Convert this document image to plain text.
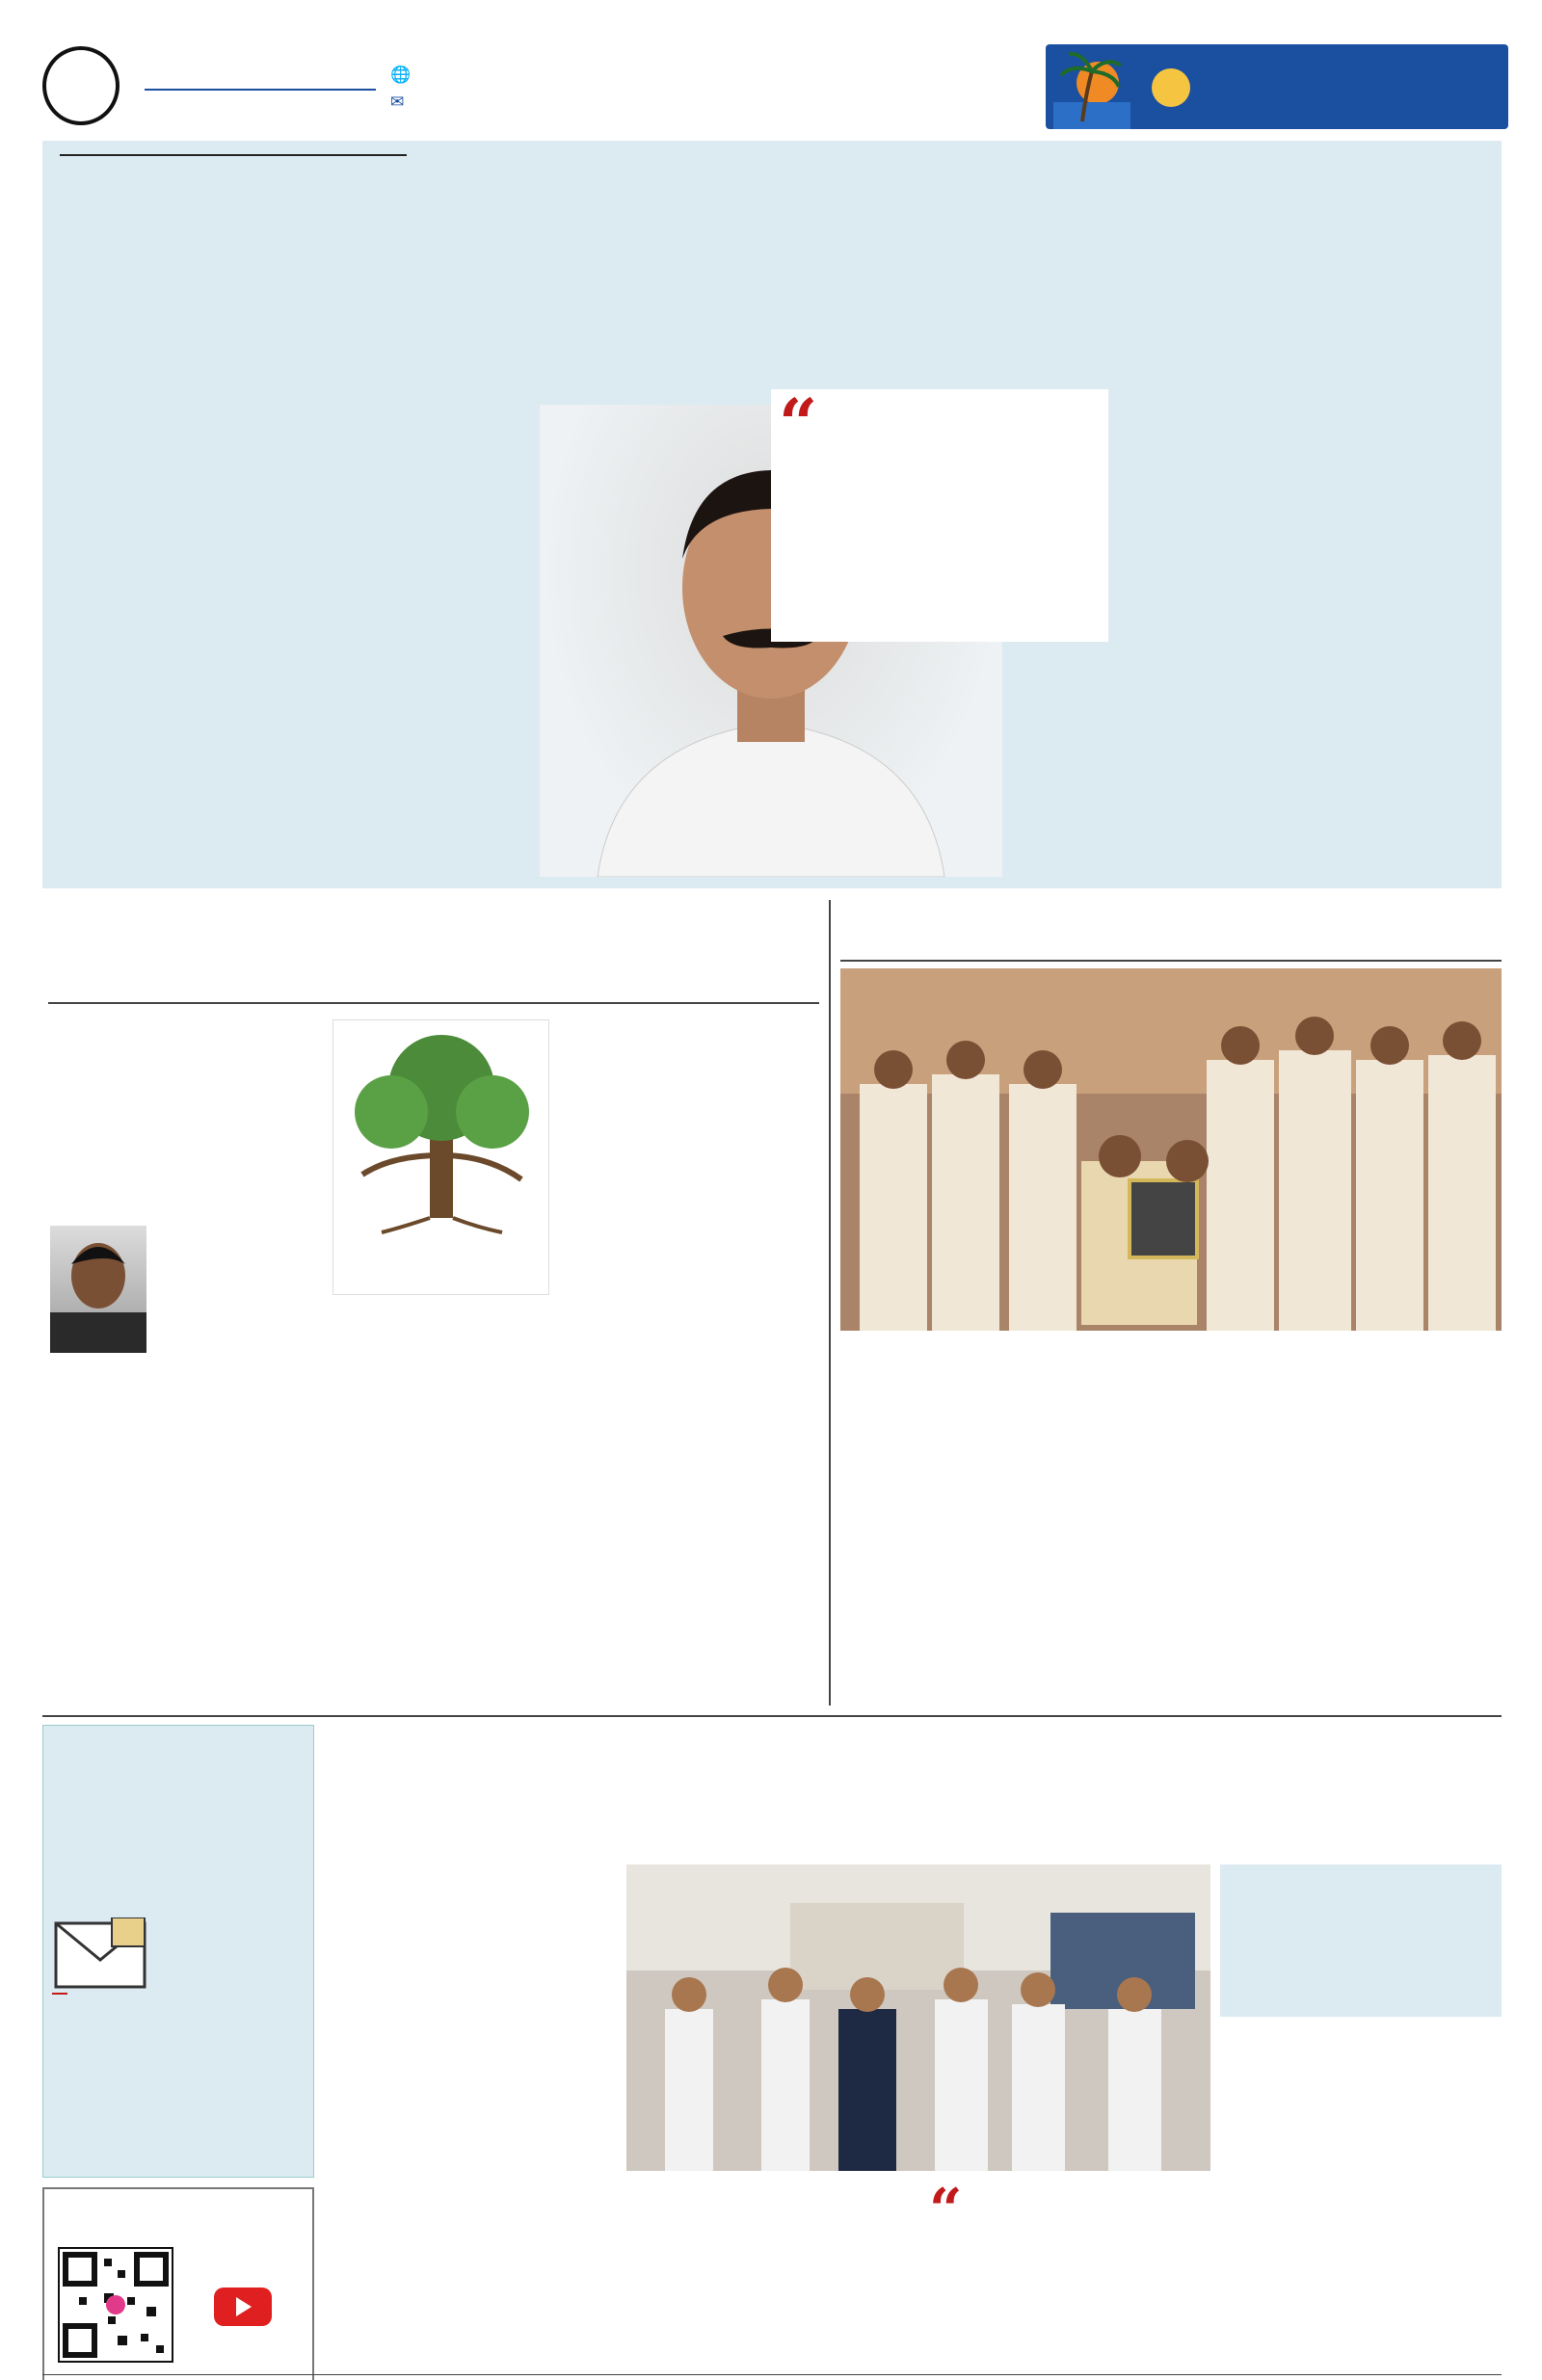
🌐
✉
“
“
